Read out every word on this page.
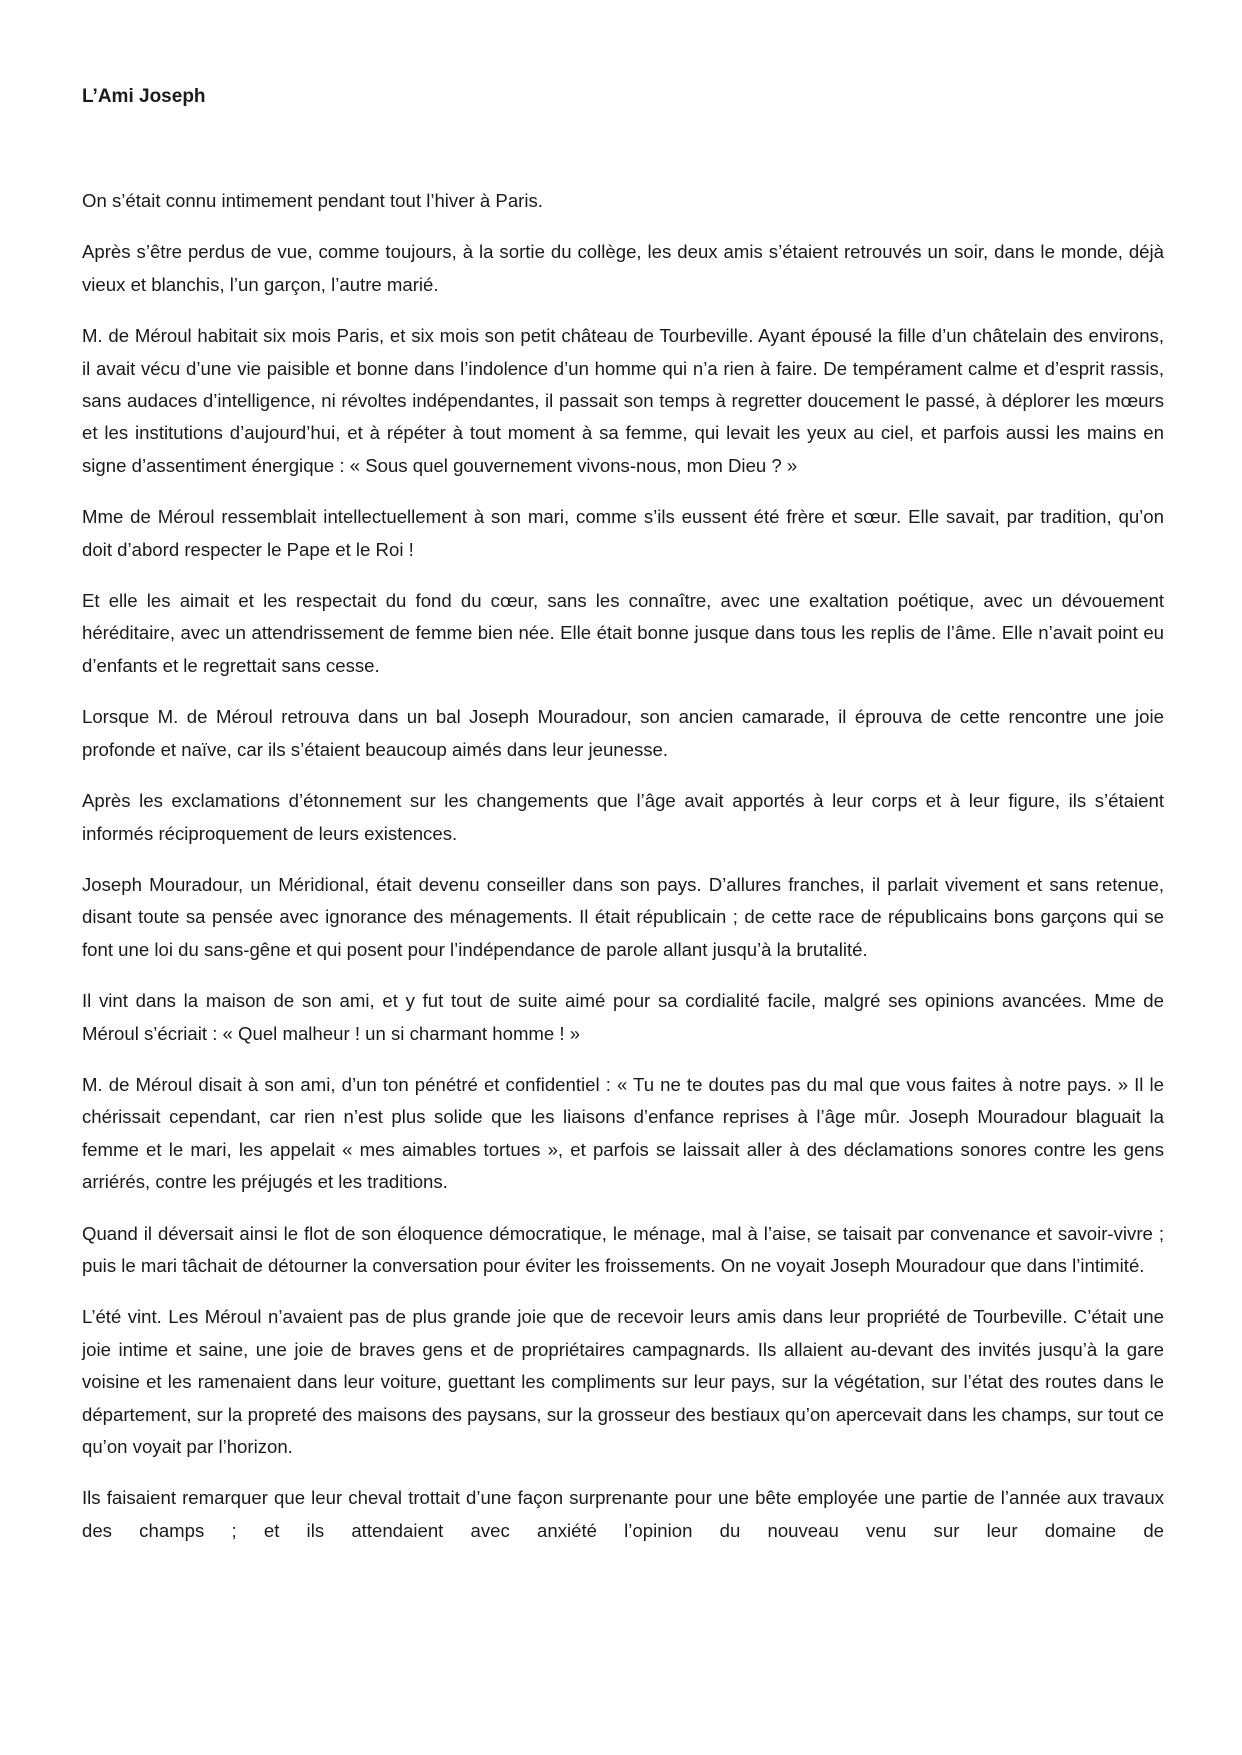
L’Ami Joseph

On s’était connu intimement pendant tout l’hiver à Paris.

Après s’être perdus de vue, comme toujours, à la sortie du collège, les deux amis s’étaient retrouvés un soir, dans le monde, déjà vieux et blanchis, l’un garçon, l’autre marié.

M. de Méroul habitait six mois Paris, et six mois son petit château de Tourbeville. Ayant épousé la fille d’un châtelain des environs, il avait vécu d’une vie paisible et bonne dans l’indolence d’un homme qui n’a rien à faire. De tempérament calme et d’esprit rassis, sans audaces d’intelligence, ni révoltes indépendantes, il passait son temps à regretter doucement le passé, à déplorer les mœurs et les institutions d’aujourd’hui, et à répéter à tout moment à sa femme, qui levait les yeux au ciel, et parfois aussi les mains en signe d’assentiment énergique : « Sous quel gouvernement vivons-nous, mon Dieu ? »

Mme de Méroul ressemblait intellectuellement à son mari, comme s’ils eussent été frère et sœur. Elle savait, par tradition, qu’on doit d’abord respecter le Pape et le Roi !

Et elle les aimait et les respectait du fond du cœur, sans les connaître, avec une exaltation poétique, avec un dévouement héréditaire, avec un attendrissement de femme bien née. Elle était bonne jusque dans tous les replis de l’âme. Elle n’avait point eu d’enfants et le regrettait sans cesse.

Lorsque M. de Méroul retrouva dans un bal Joseph Mouradour, son ancien camarade, il éprouva de cette rencontre une joie profonde et naïve, car ils s’étaient beaucoup aimés dans leur jeunesse.

Après les exclamations d’étonnement sur les changements que l’âge avait apportés à leur corps et à leur figure, ils s’étaient informés réciproquement de leurs existences.

Joseph Mouradour, un Méridional, était devenu conseiller dans son pays. D’allures franches, il parlait vivement et sans retenue, disant toute sa pensée avec ignorance des ménagements. Il était républicain ; de cette race de républicains bons garçons qui se font une loi du sans-gêne et qui posent pour l’indépendance de parole allant jusqu’à la brutalité.

Il vint dans la maison de son ami, et y fut tout de suite aimé pour sa cordialité facile, malgré ses opinions avancées. Mme de Méroul s’écriait : « Quel malheur ! un si charmant homme ! »

M. de Méroul disait à son ami, d’un ton pénétré et confidentiel : « Tu ne te doutes pas du mal que vous faites à notre pays. » Il le chérissait cependant, car rien n’est plus solide que les liaisons d’enfance reprises à l’âge mûr. Joseph Mouradour blaguait la femme et le mari, les appelait « mes aimables tortues », et parfois se laissait aller à des déclamations sonores contre les gens arriérés, contre les préjugés et les traditions.

Quand il déversait ainsi le flot de son éloquence démocratique, le ménage, mal à l’aise, se taisait par convenance et savoir-vivre ; puis le mari tâchait de détourner la conversation pour éviter les froissements. On ne voyait Joseph Mouradour que dans l’intimité.

L’été vint. Les Méroul n’avaient pas de plus grande joie que de recevoir leurs amis dans leur propriété de Tourbeville. C’était une joie intime et saine, une joie de braves gens et de propriétaires campagnards. Ils allaient au-devant des invités jusqu’à la gare voisine et les ramenaient dans leur voiture, guettant les compliments sur leur pays, sur la végétation, sur l’état des routes dans le département, sur la propreté des maisons des paysans, sur la grosseur des bestiaux qu’on apercevait dans les champs, sur tout ce qu’on voyait par l’horizon.

Ils faisaient remarquer que leur cheval trottait d’une façon surprenante pour une bête employée une partie de l’année aux travaux des champs ; et ils attendaient avec anxiété l’opinion du nouveau venu sur leur domaine de
